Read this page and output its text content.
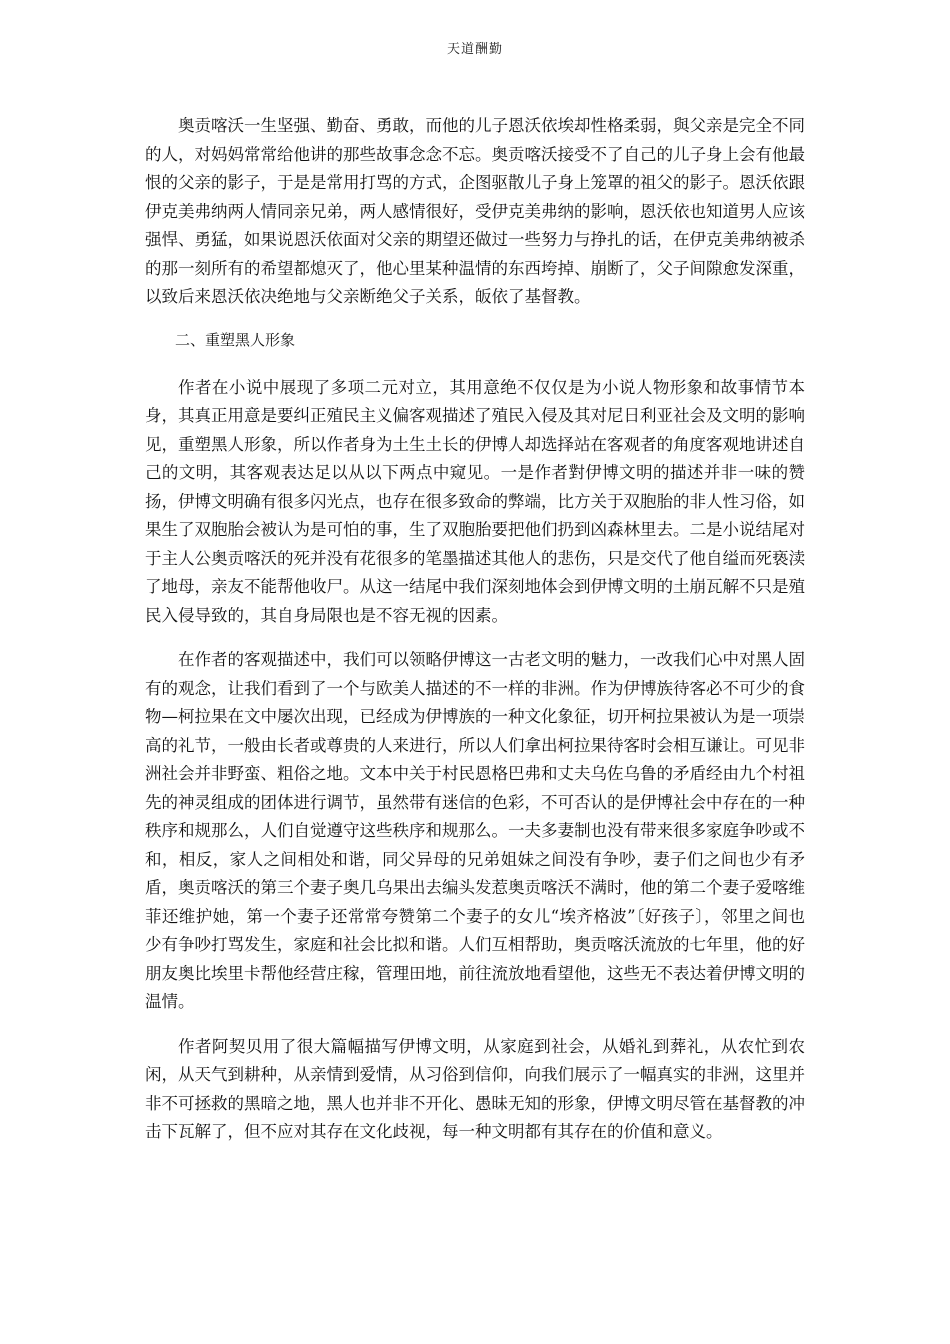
天道酬勤

奥贡喀沃一生坚强、勤奋、勇敢，而他的儿子恩沃依埃却性格柔弱，與父亲是完全不同的人，对妈妈常常给他讲的那些故事念念不忘。奥贡喀沃接受不了自己的儿子身上会有他最恨的父亲的影子，于是是常用打骂的方式，企图驱散儿子身上笼罩的祖父的影子。恩沃依跟伊克美弗纳两人情同亲兄弟，两人感情很好，受伊克美弗纳的影响，恩沃依也知道男人应该强悍、勇猛，如果说恩沃依面对父亲的期望还做过一些努力与挣扎的话，在伊克美弗纳被杀的那一刻所有的希望都熄灭了，他心里某种温情的东西垮掉、崩断了，父子间隙愈发深重，以致后来恩沃依决绝地与父亲断绝父子关系，皈依了基督教。

二、重塑黑人形象

作者在小说中展现了多项二元对立，其用意绝不仅仅是为小说人物形象和故事情节本身，其真正用意是要纠正殖民主义偏客观描述了殖民入侵及其对尼日利亚社会及文明的影响见，重塑黑人形象，所以作者身为土生土长的伊博人却选择站在客观者的角度客观地讲述自己的文明，其客观表达足以从以下两点中窥见。一是作者對伊博文明的描述并非一味的赞扬，伊博文明确有很多闪光点，也存在很多致命的弊端，比方关于双胞胎的非人性习俗，如果生了双胞胎会被认为是可怕的事，生了双胞胎要把他们扔到凶森林里去。二是小说结尾对于主人公奥贡喀沃的死并没有花很多的笔墨描述其他人的悲伤，只是交代了他自缢而死亵渎了地母，亲友不能帮他收尸。从这一结尾中我们深刻地体会到伊博文明的土崩瓦解不只是殖民入侵导致的，其自身局限也是不容无视的因素。

在作者的客观描述中，我们可以领略伊博这一古老文明的魅力，一改我们心中对黑人固有的观念，让我们看到了一个与欧美人描述的不一样的非洲。作为伊博族待客必不可少的食物—柯拉果在文中屡次出现，已经成为伊博族的一种文化象征，切开柯拉果被认为是一项崇高的礼节，一般由长者或尊贵的人来进行，所以人们拿出柯拉果待客时会相互谦让。可见非洲社会并非野蛮、粗俗之地。文本中关于村民恩格巴弗和丈夫乌佐乌鲁的矛盾经由九个村祖先的神灵组成的团体进行调节，虽然带有迷信的色彩，不可否认的是伊博社会中存在的一种秩序和规那么，人们自觉遵守这些秩序和规那么。一夫多妻制也没有带来很多家庭争吵或不和，相反，家人之间相处和谐，同父异母的兄弟姐妹之间没有争吵，妻子们之间也少有矛盾，奥贡喀沃的第三个妻子奥几乌果出去编头发惹奥贡喀沃不满时，他的第二个妻子爱喀维菲还维护她，第一个妻子还常常夸赞第二个妻子的女儿“埃齐格波”〔好孩子〕，邻里之间也少有争吵打骂发生，家庭和社会比拟和谐。人们互相帮助，奥贡喀沃流放的七年里，他的好朋友奥比埃里卡帮他经营庄稼，管理田地，前往流放地看望他，这些无不表达着伊博文明的温情。

作者阿契贝用了很大篇幅描写伊博文明，从家庭到社会，从婚礼到葬礼，从农忙到农闲，从天气到耕种，从亲情到爱情，从习俗到信仰，向我们展示了一幅真实的非洲，这里并非不可拯救的黑暗之地，黑人也并非不开化、愚昧无知的形象，伊博文明尽管在基督教的冲击下瓦解了，但不应对其存在文化歧视，每一种文明都有其存在的价值和意义。
